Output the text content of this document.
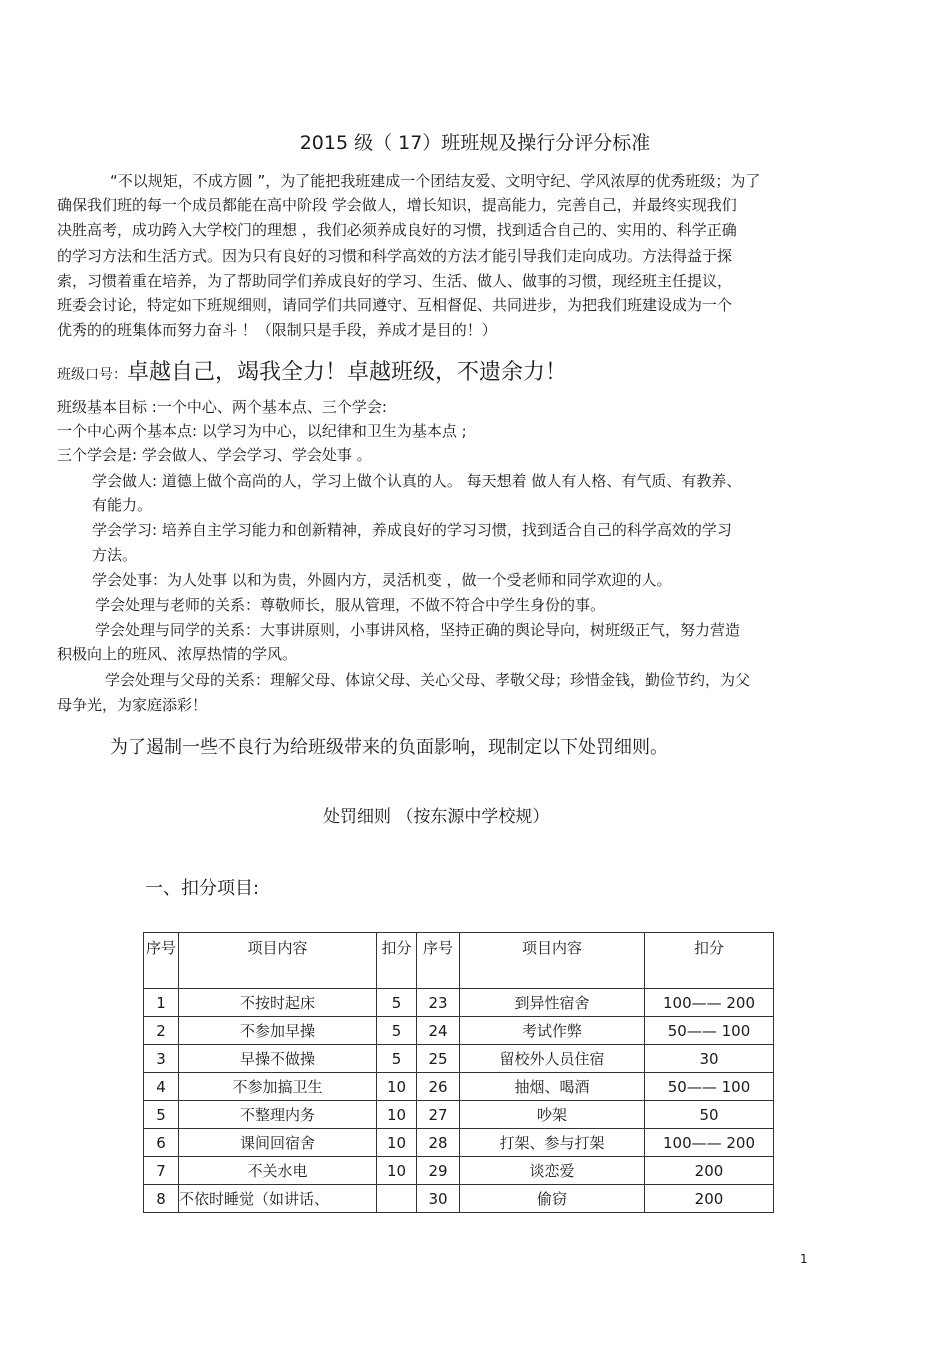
2015 级（ 17）班班规及操行分评分标准
“不以规矩，不成方圆 ”，为了能把我班建成一个团结友爱、文明守纪、学风浓厚的优秀班级；为了
确保我们班的每一个成员都能在高中阶段 学会做人，增长知识，提高能力，完善自己，并最终实现我们
决胜高考，成功跨入大学校门的理想 ，我们必须养成良好的习惯，找到适合自己的、实用的、科学正确
的学习方法和生活方式。因为只有良好的习惯和科学高效的方法才能引导我们走向成功。方法得益于探
索，习惯着重在培养，为了帮助同学们养成良好的学习、生活、做人、做事的习惯，现经班主任提议，
班委会讨论，特定如下班规细则，请同学们共同遵守、互相督促、共同进步，为把我们班建设成为一个
优秀的的班集体而努力奋斗 ！（限制只是手段，养成才是目的！）
班级口号：卓越自己，竭我全力！卓越班级，不遗余力！
班级基本目标 :一个中心、两个基本点、三个学会:
一个中心两个基本点: 以学习为中心，以纪律和卫生为基本点 ;
三个学会是: 学会做人、学会学习、学会处事 。
学会做人: 道德上做个高尚的人，学习上做个认真的人。 每天想着 做人有人格、有气质、有教养、
有能力。
学会学习: 培养自主学习能力和创新精神，养成良好的学习习惯，找到适合自己的科学高效的学习
方法。
学会处事：为人处事 以和为贵，外圆内方，灵活机变 ，做一个受老师和同学欢迎的人。
学会处理与老师的关系：尊敬师长，服从管理，不做不符合中学生身份的事。
学会处理与同学的关系：大事讲原则，小事讲风格，坚持正确的舆论导向，树班级正气，努力营造
积极向上的班风、浓厚热情的学风。
学会处理与父母的关系：理解父母、体谅父母、关心父母、孝敬父母；珍惜金钱，勤俭节约，为父
母争光，为家庭添彩！
为了遏制一些不良行为给班级带来的负面影响，现制定以下处罚细则。
处罚细则 （按东源中学校规）
一、扣分项目:
序号	项目内容	扣分	序号	项目内容	扣分
1	不按时起床	5	23	到异性宿舍	100—— 200
2	不参加早操	5	24	考试作弊	50—— 100
3	早操不做操	5	25	留校外人员住宿	30
4	不参加搞卫生	10	26	抽烟、喝酒	50—— 100
5	不整理内务	10	27	吵架	50
6	课间回宿舍	10	28	打架、参与打架	100—— 200
7	不关水电	10	29	谈恋爱	200
8	不依时睡觉（如讲话、		30	偷窃	200
1
